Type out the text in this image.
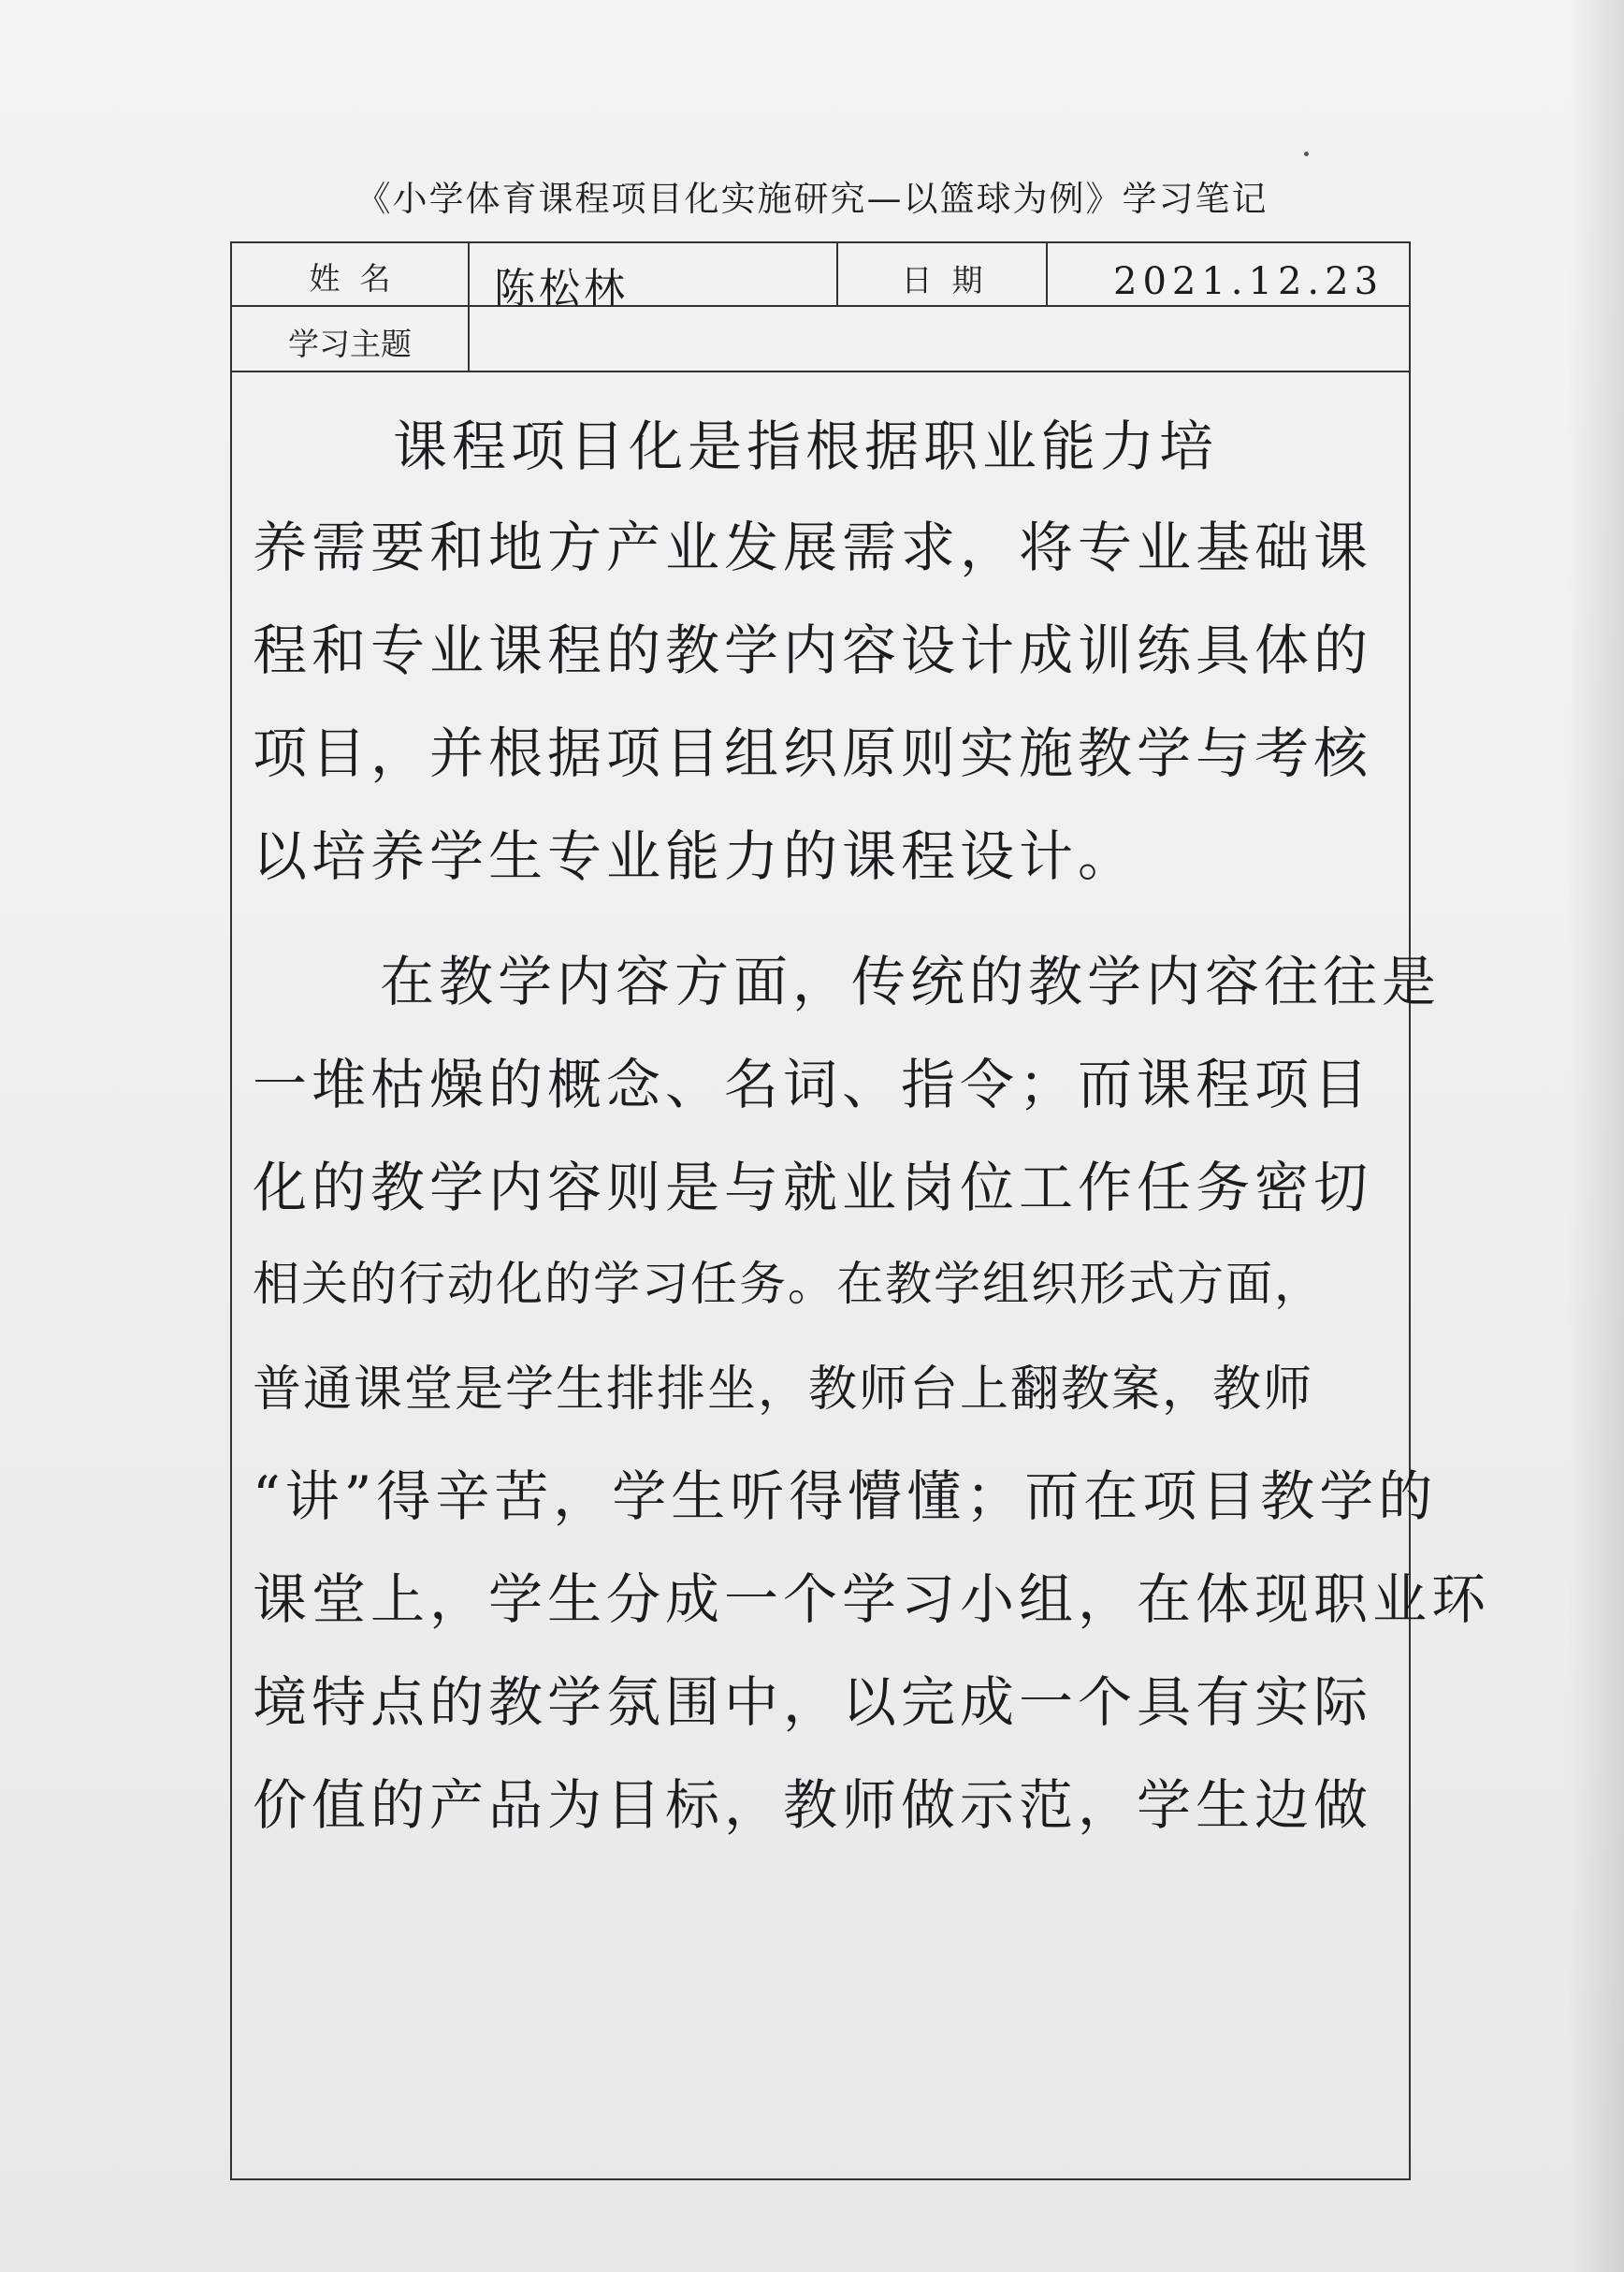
《小学体育课程项目化实施研究—以篮球为例》学习笔记
姓  名	陈松林	日  期	2021.12.23
学习主题
课程项目化是指根据职业能力培
养需要和地方产业发展需求，将专业基础课
程和专业课程的教学内容设计成训练具体的
项目，并根据项目组织原则实施教学与考核
以培养学生专业能力的课程设计。
在教学内容方面，传统的教学内容往往是
一堆枯燥的概念、名词、指令；而课程项目
化的教学内容则是与就业岗位工作任务密切
相关的行动化的学习任务。在教学组织形式方面，
普通课堂是学生排排坐，教师台上翻教案，教师
“讲”得辛苦，学生听得懵懂；而在项目教学的
课堂上，学生分成一个学习小组，在体现职业环
境特点的教学氛围中，以完成一个具有实际
价值的产品为目标，教师做示范，学生边做
